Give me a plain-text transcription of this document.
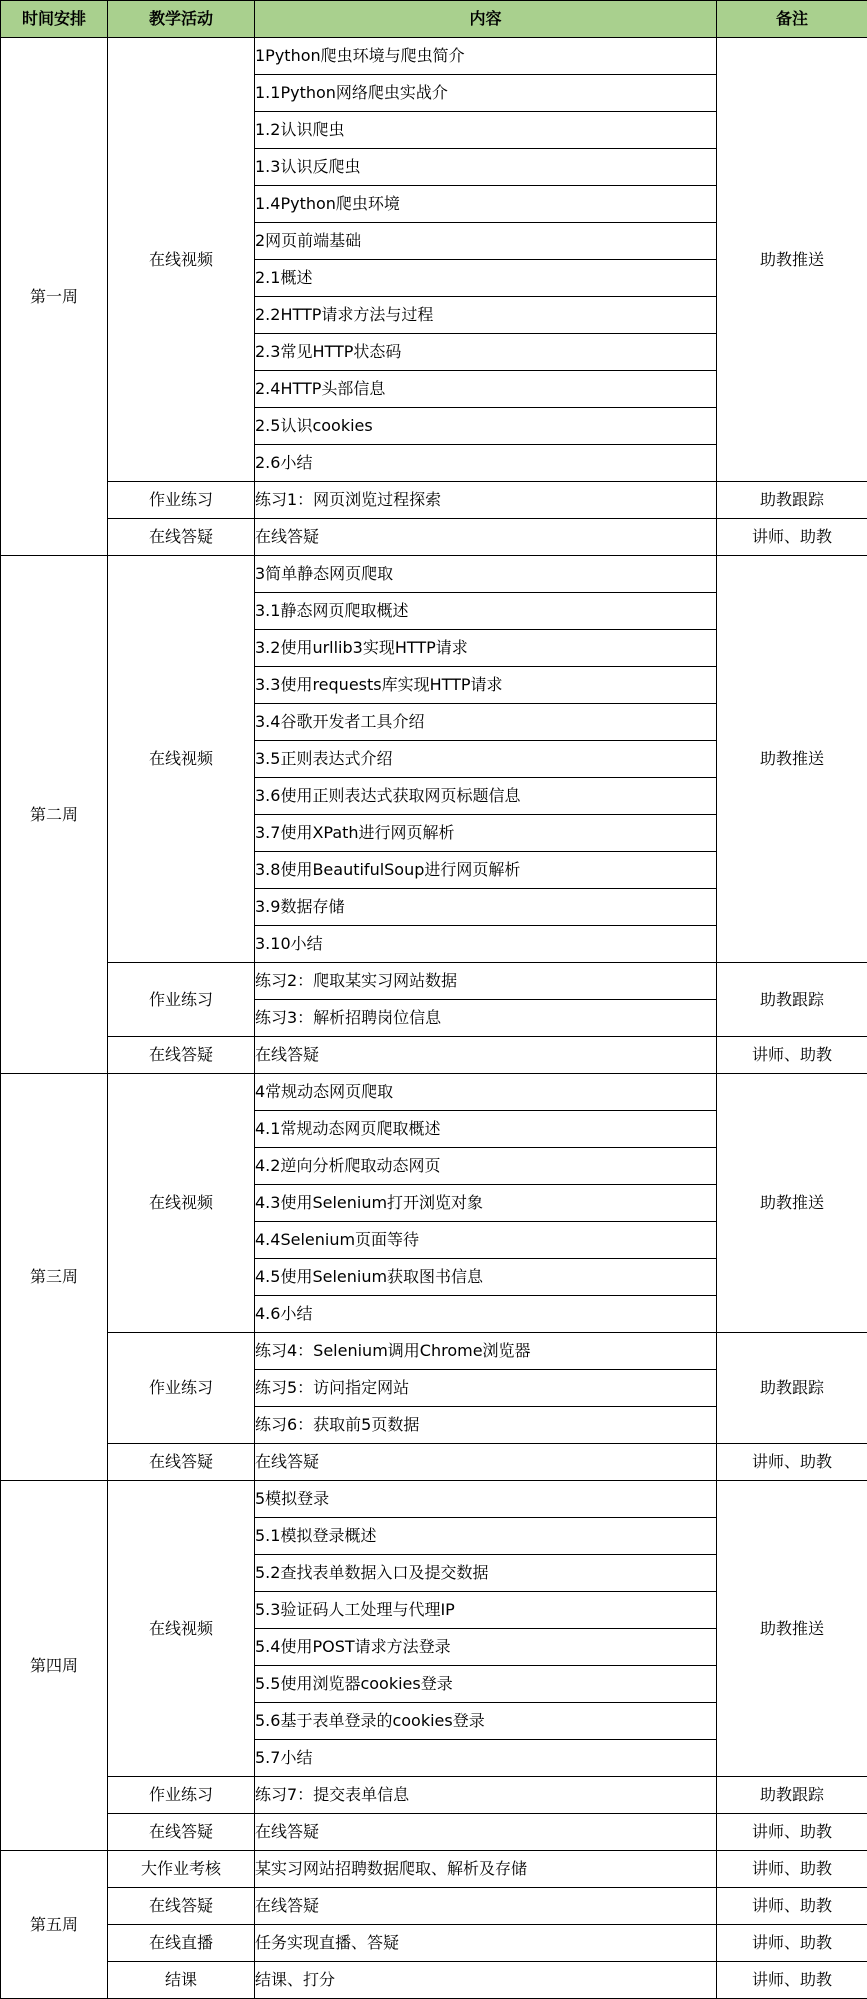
时间安排	教学活动	内容	备注
第一周	在线视频	1Python爬虫环境与爬虫简介	助教推送
		1.1Python网络爬虫实战介	
		1.2认识爬虫	
		1.3认识反爬虫	
		1.4Python爬虫环境	
		2网页前端基础	
		2.1概述	
		2.2HTTP请求方法与过程	
		2.3常见HTTP状态码	
		2.4HTTP头部信息	
		2.5认识cookies	
		2.6小结	
	作业练习	练习1：网页浏览过程探索	助教跟踪
	在线答疑	在线答疑	讲师、助教
第二周	在线视频	3简单静态网页爬取	助教推送
		3.1静态网页爬取概述	
		3.2使用urllib3实现HTTP请求	
		3.3使用requests库实现HTTP请求	
		3.4谷歌开发者工具介绍	
		3.5正则表达式介绍	
		3.6使用正则表达式获取网页标题信息	
		3.7使用XPath进行网页解析	
		3.8使用BeautifulSoup进行网页解析	
		3.9数据存储	
		3.10小结	
	作业练习	练习2：爬取某实习网站数据	助教跟踪
		练习3：解析招聘岗位信息	
	在线答疑	在线答疑	讲师、助教
第三周	在线视频	4常规动态网页爬取	助教推送
		4.1常规动态网页爬取概述	
		4.2逆向分析爬取动态网页	
		4.3使用Selenium打开浏览对象	
		4.4Selenium页面等待	
		4.5使用Selenium获取图书信息	
		4.6小结	
	作业练习	练习4：Selenium调用Chrome浏览器	助教跟踪
		练习5：访问指定网站	
		练习6：获取前5页数据	
	在线答疑	在线答疑	讲师、助教
第四周	在线视频	5模拟登录	助教推送
		5.1模拟登录概述	
		5.2查找表单数据入口及提交数据	
		5.3验证码人工处理与代理IP	
		5.4使用POST请求方法登录	
		5.5使用浏览器cookies登录	
		5.6基于表单登录的cookies登录	
		5.7小结	
	作业练习	练习7：提交表单信息	助教跟踪
	在线答疑	在线答疑	讲师、助教
第五周	大作业考核	某实习网站招聘数据爬取、解析及存储	讲师、助教
	在线答疑	在线答疑	讲师、助教
	在线直播	任务实现直播、答疑	讲师、助教
	结课	结课、打分	讲师、助教
